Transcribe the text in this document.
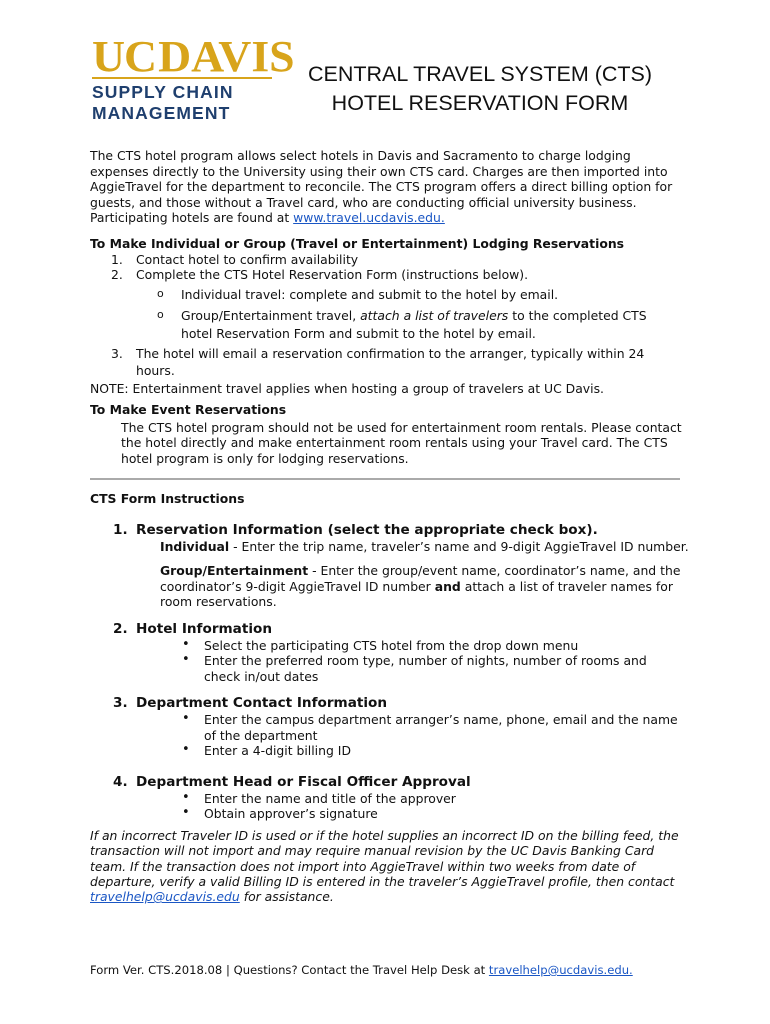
UCDAVIS
SUPPLY CHAIN
MANAGEMENT
CENTRAL TRAVEL SYSTEM (CTS)
HOTEL RESERVATION FORM
The CTS hotel program allows select hotels in Davis and Sacramento to charge lodging
expenses directly to the University using their own CTS card. Charges are then imported into
AggieTravel for the department to reconcile. The CTS program offers a direct billing option for
guests, and those without a Travel card, who are conducting official university business.
Participating hotels are found at www.travel.ucdavis.edu.
To Make Individual or Group (Travel or Entertainment) Lodging Reservations
1. Contact hotel to confirm availability
2. Complete the CTS Hotel Reservation Form (instructions below).
o Individual travel: complete and submit to the hotel by email.
o Group/Entertainment travel, attach a list of travelers to the completed CTS
hotel Reservation Form and submit to the hotel by email.
3. The hotel will email a reservation confirmation to the arranger, typically within 24
hours.
NOTE: Entertainment travel applies when hosting a group of travelers at UC Davis.
To Make Event Reservations
The CTS hotel program should not be used for entertainment room rentals. Please contact
the hotel directly and make entertainment room rentals using your Travel card. The CTS
hotel program is only for lodging reservations.
CTS Form Instructions
1. Reservation Information (select the appropriate check box).
Individual - Enter the trip name, traveler’s name and 9-digit AggieTravel ID number.
Group/Entertainment - Enter the group/event name, coordinator’s name, and the
coordinator’s 9-digit AggieTravel ID number and attach a list of traveler names for
room reservations.
2. Hotel Information
• Select the participating CTS hotel from the drop down menu
• Enter the preferred room type, number of nights, number of rooms and
check in/out dates
3. Department Contact Information
• Enter the campus department arranger’s name, phone, email and the name
of the department
• Enter a 4-digit billing ID
4. Department Head or Fiscal Officer Approval
• Enter the name and title of the approver
• Obtain approver’s signature
If an incorrect Traveler ID is used or if the hotel supplies an incorrect ID on the billing feed, the
transaction will not import and may require manual revision by the UC Davis Banking Card
team. If the transaction does not import into AggieTravel within two weeks from date of
departure, verify a valid Billing ID is entered in the traveler’s AggieTravel profile, then contact
travelhelp@ucdavis.edu for assistance.
Form Ver. CTS.2018.08 | Questions? Contact the Travel Help Desk at travelhelp@ucdavis.edu.
